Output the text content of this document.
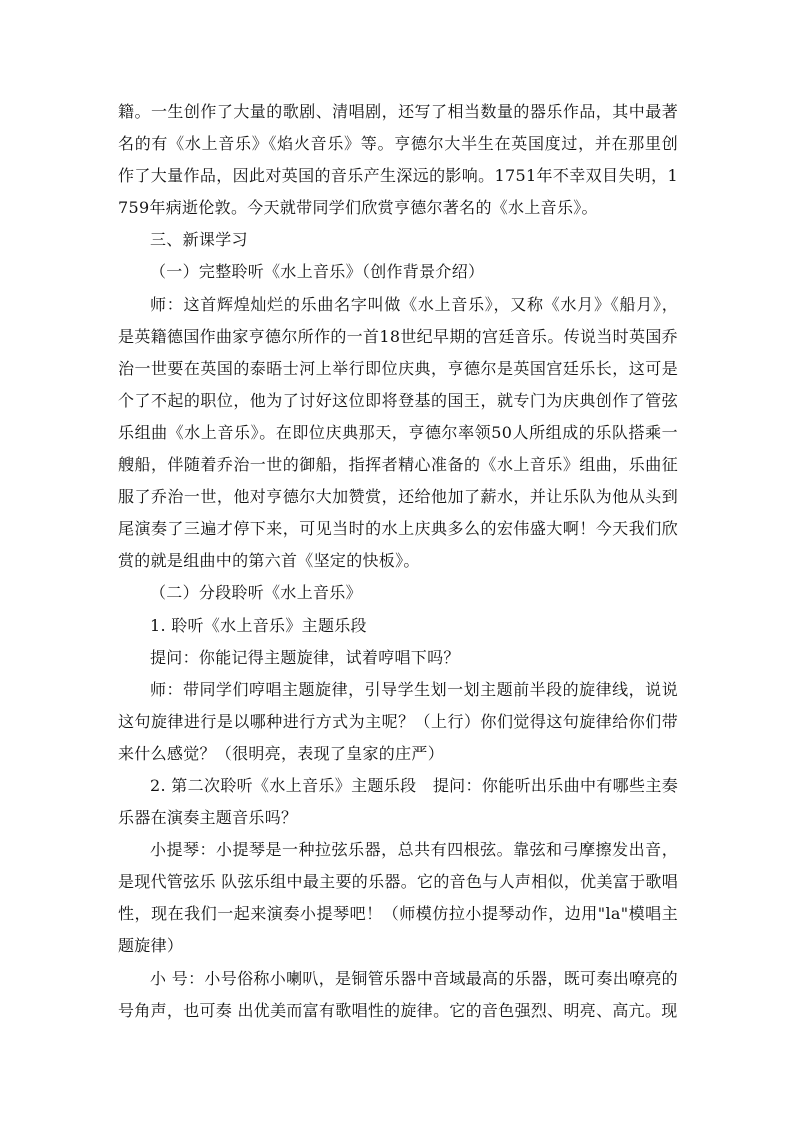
籍。一生创作了大量的歌剧、清唱剧，还写了相当数量的器乐作品，其中最著名的有《水上音乐》《焰火音乐》等。亨德尔大半生在英国度过，并在那里创作了大量作品，因此对英国的音乐产生深远的影响。1751年不幸双目失明，1759年病逝伦敦。今天就带同学们欣赏亨德尔著名的《水上音乐》。

三、新课学习

（一）完整聆听《水上音乐》（创作背景介绍）

师：这首辉煌灿烂的乐曲名字叫做《水上音乐》，又称《水月》《船月》，是英籍德国作曲家亨德尔所作的一首18世纪早期的宫廷音乐。传说当时英国乔治一世要在英国的泰晤士河上举行即位庆典，亨德尔是英国宫廷乐长，这可是个了不起的职位，他为了讨好这位即将登基的国王，就专门为庆典创作了管弦乐组曲《水上音乐》。在即位庆典那天，亨德尔率领50人所组成的乐队搭乘一艘船，伴随着乔治一世的御船，指挥者精心准备的《水上音乐》组曲，乐曲征服了乔治一世，他对亨德尔大加赞赏，还给他加了薪水，并让乐队为他从头到尾演奏了三遍才停下来，可见当时的水上庆典多么的宏伟盛大啊！今天我们欣赏的就是组曲中的第六首《坚定的快板》。

（二）分段聆听《水上音乐》

1. 聆听《水上音乐》主题乐段

提问：你能记得主题旋律，试着哼唱下吗？

师：带同学们哼唱主题旋律，引导学生划一划主题前半段的旋律线，说说这句旋律进行是以哪种进行方式为主呢？（上行）你们觉得这句旋律给你们带来什么感觉？（很明亮，表现了皇家的庄严）

2. 第二次聆听《水上音乐》主题乐段　提问：你能听出乐曲中有哪些主奏乐器在演奏主题音乐吗？

小提琴：小提琴是一种拉弦乐器，总共有四根弦。靠弦和弓摩擦发出音，是现代管弦乐 队弦乐组中最主要的乐器。它的音色与人声相似，优美富于歌唱性，现在我们一起来演奏小提琴吧！（师模仿拉小提琴动作，边用"la"模唱主题旋律）

小 号：小号俗称小喇叭，是铜管乐器中音域最高的乐器，既可奏出嘹亮的号角声，也可奏 出优美而富有歌唱性的旋律。它的音色强烈、明亮、高亢。现
